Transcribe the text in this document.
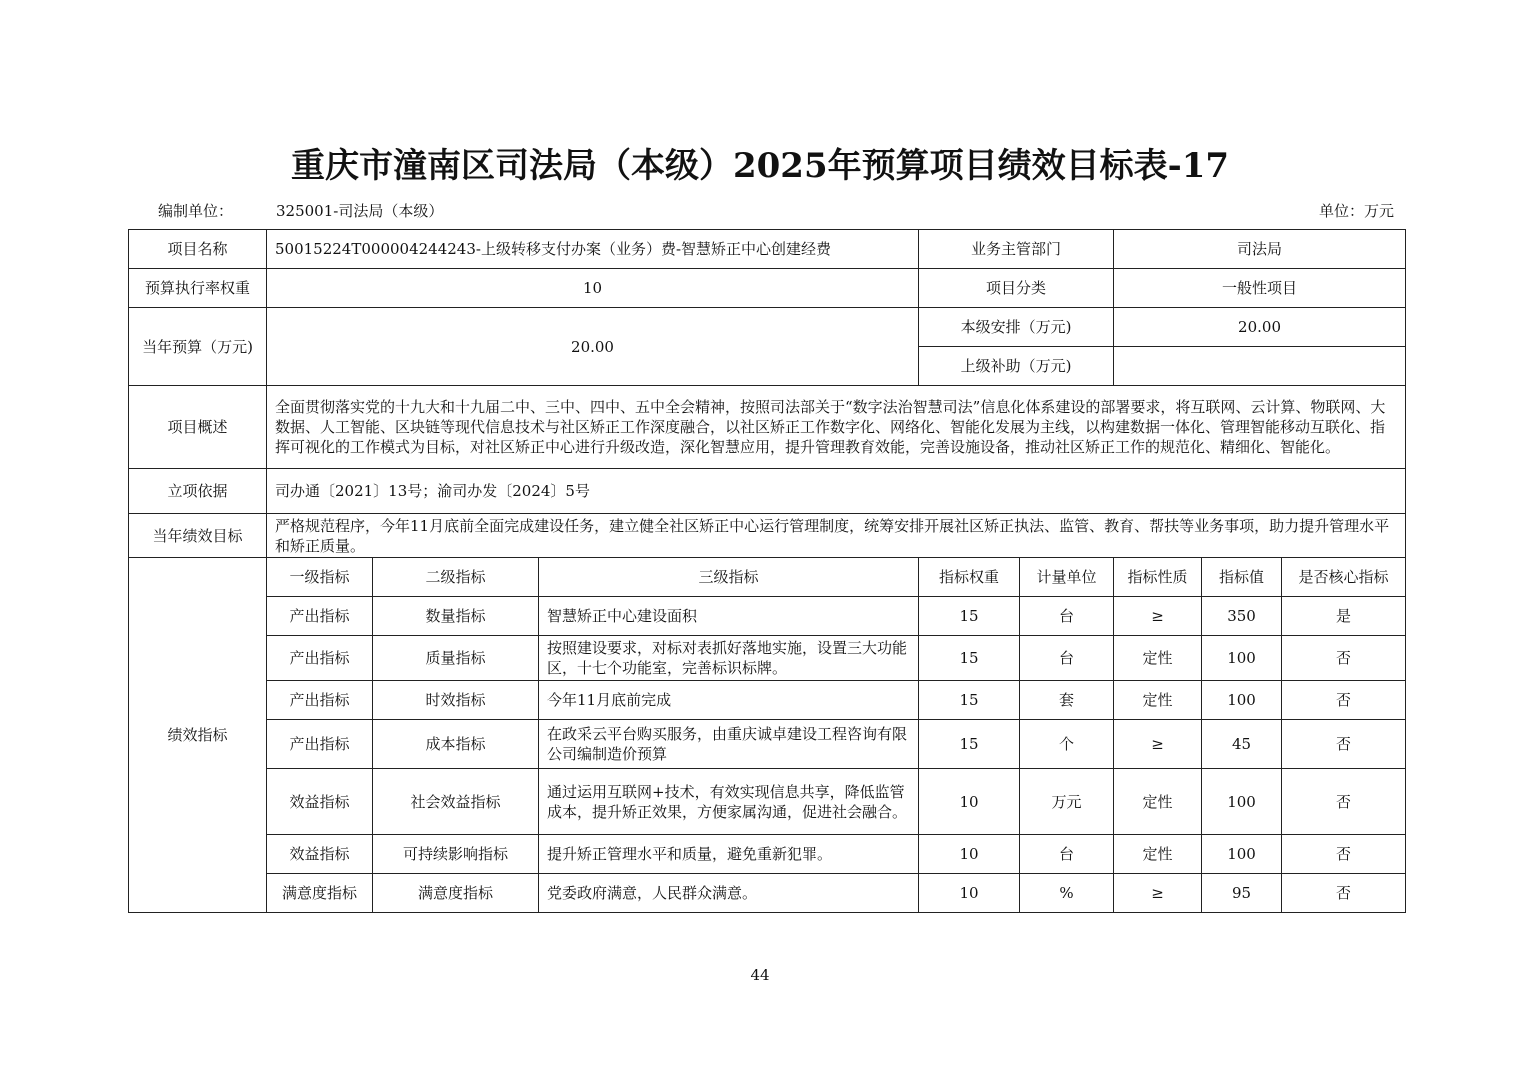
重庆市潼南区司法局（本级）2025年预算项目绩效目标表-17
编制单位：	325001-司法局（本级）	单位：万元
项目名称	50015224T000004244243-上级转移支付办案（业务）费-智慧矫正中心创建经费			业务主管部门		司法局		
预算执行率权重	10			项目分类		一般性项目		
当年预算（万元)	20.00			本级安排（万元)		20.00		
				上级补助（万元)				
项目概述	全面贯彻落实党的十九大和十九届二中、三中、四中、五中全会精神，按照司法部关于“数字法治智慧司法”信息化体系建设的部署要求，将互联网、云计算、物联网、大数据、人工智能、区块链等现代信息技术与社区矫正工作深度融合，以社区矫正工作数字化、网络化、智能化发展为主线，以构建数据一体化、管理智能移动互联化、指挥可视化的工作模式为目标，对社区矫正中心进行升级改造，深化智慧应用，提升管理教育效能，完善设施设备，推动社区矫正工作的规范化、精细化、智能化。							
立项依据	司办通〔2021〕13号；渝司办发〔2024〕5号							
当年绩效目标	严格规范程序，今年11月底前全面完成建设任务，建立健全社区矫正中心运行管理制度，统筹安排开展社区矫正执法、监管、教育、帮扶等业务事项，助力提升管理水平和矫正质量。							
绩效指标	一级指标	二级指标	三级指标	指标权重	计量单位	指标性质	指标值	是否核心指标
	产出指标	数量指标	智慧矫正中心建设面积	15	台	≥	350	是
	产出指标	质量指标	按照建设要求，对标对表抓好落地实施，设置三大功能区，十七个功能室，完善标识标牌。	15	台	定性	100	否
	产出指标	时效指标	今年11月底前完成	15	套	定性	100	否
	产出指标	成本指标	在政采云平台购买服务，由重庆诚卓建设工程咨询有限公司编制造价预算	15	个	≥	45	否
	效益指标	社会效益指标	通过运用互联网+技术，有效实现信息共享，降低监管成本，提升矫正效果，方便家属沟通，促进社会融合。	10	万元	定性	100	否
	效益指标	可持续影响指标	提升矫正管理水平和质量，避免重新犯罪。	10	台	定性	100	否
	满意度指标	满意度指标	党委政府满意，人民群众满意。	10	%	≥	95	否
44
